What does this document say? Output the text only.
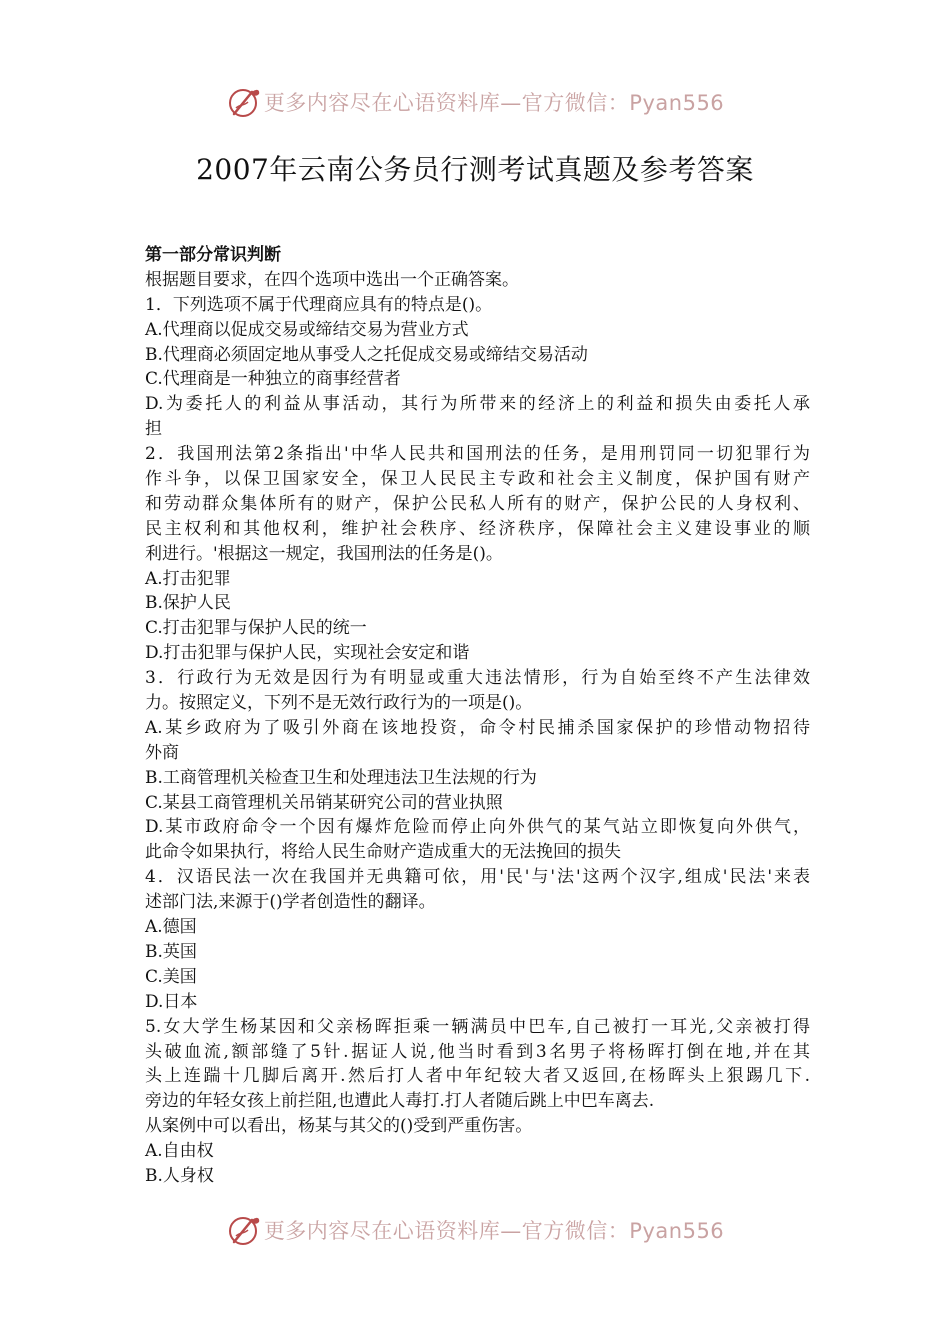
更多内容尽在心语资料库—官方微信：Pyan556
2007年云南公务员行测考试真题及参考答案
第一部分常识判断
根据题目要求，在四个选项中选出一个正确答案。
1．下列选项不属于代理商应具有的特点是()。
A.代理商以促成交易或缔结交易为营业方式
B.代理商必须固定地从事受人之托促成交易或缔结交易活动
C.代理商是一种独立的商事经营者
D.为委托人的利益从事活动，其行为所带来的经济上的利益和损失由委托人承
担
2．我国刑法第2条指出'中华人民共和国刑法的任务，是用刑罚同一切犯罪行为
作斗争，以保卫国家安全，保卫人民民主专政和社会主义制度，保护国有财产
和劳动群众集体所有的财产，保护公民私人所有的财产，保护公民的人身权利、
民主权利和其他权利，维护社会秩序、经济秩序，保障社会主义建设事业的顺
利进行。'根据这一规定，我国刑法的任务是()。
A.打击犯罪
B.保护人民
C.打击犯罪与保护人民的统一
D.打击犯罪与保护人民，实现社会安定和谐
3．行政行为无效是因行为有明显或重大违法情形，行为自始至终不产生法律效
力。按照定义，下列不是无效行政行为的一项是()。
A.某乡政府为了吸引外商在该地投资，命令村民捕杀国家保护的珍惜动物招待
外商
B.工商管理机关检查卫生和处理违法卫生法规的行为
C.某县工商管理机关吊销某研究公司的营业执照
D.某市政府命令一个因有爆炸危险而停止向外供气的某气站立即恢复向外供气，
此命令如果执行，将给人民生命财产造成重大的无法挽回的损失
4．汉语民法一次在我国并无典籍可依，用'民'与'法'这两个汉字,组成'民法'来表
述部门法,来源于()学者创造性的翻译。
A.德国
B.英国
C.美国
D.日本
5.女大学生杨某因和父亲杨晖拒乘一辆满员中巴车,自己被打一耳光,父亲被打得
头破血流,额部缝了5针.据证人说,他当时看到3名男子将杨晖打倒在地,并在其
头上连踹十几脚后离开.然后打人者中年纪较大者又返回,在杨晖头上狠踢几下.
旁边的年轻女孩上前拦阻,也遭此人毒打.打人者随后跳上中巴车离去.
从案例中可以看出，杨某与其父的()受到严重伤害。
A.自由权
B.人身权
更多内容尽在心语资料库—官方微信：Pyan556
